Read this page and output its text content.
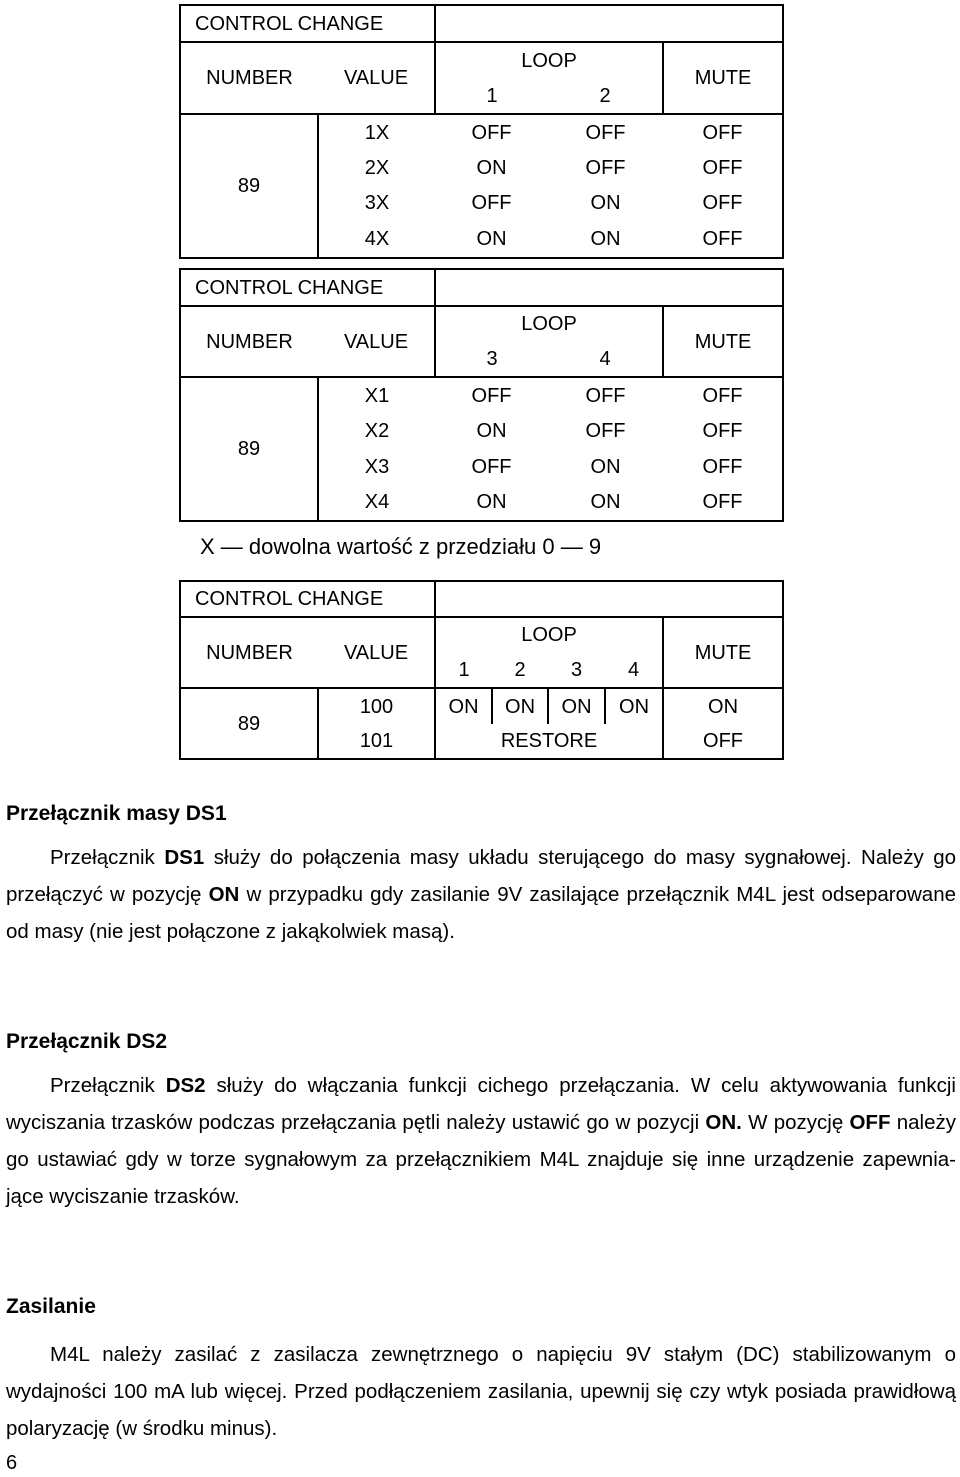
CONTROL CHANGE				
NUMBER	VALUE	LOOP		MUTE
		1	2	
89	1X	OFF	OFF	OFF
	2X	ON	OFF	OFF
	3X	OFF	ON	OFF
	4X	ON	ON	OFF
CONTROL CHANGE				
NUMBER	VALUE	LOOP		MUTE
		3	4	
89	X1	OFF	OFF	OFF
	X2	ON	OFF	OFF
	X3	OFF	ON	OFF
	X4	ON	ON	OFF
X — dowolna wartość z przedziału 0 — 9
CONTROL CHANGE						
NUMBER	VALUE	LOOP				MUTE
		1	2	3	4	
89	100	ON	ON	ON	ON	ON
	101	RESTORE				OFF
Przełącznik masy DS1

Przełącznik DS1 służy do połączenia masy układu sterującego do masy sygnałowej. Należy go przełączyć w pozycję ON w przypadku gdy zasilanie 9V zasilające przełącznik M4L jest odseparowane od masy (nie jest połączone z jakąkolwiek masą).

Przełącznik DS2

Przełącznik DS2 służy do włączania funkcji cichego przełączania. W celu aktywowania funkcji wyciszania trzasków podczas przełączania pętli należy ustawić go w pozycji ON. W pozycję OFF należy go ustawiać gdy w torze sygnałowym za przełącznikiem M4L znajduje się inne urządzenie zapewnia-jące wyciszanie trzasków.

Zasilanie

M4L należy zasilać z zasilacza zewnętrznego o napięciu 9V stałym (DC) stabilizowanym o wydajności 100 mA lub więcej. Przed podłączeniem zasilania, upewnij się czy wtyk posiada prawidłową polaryzację (w środku minus).

6
